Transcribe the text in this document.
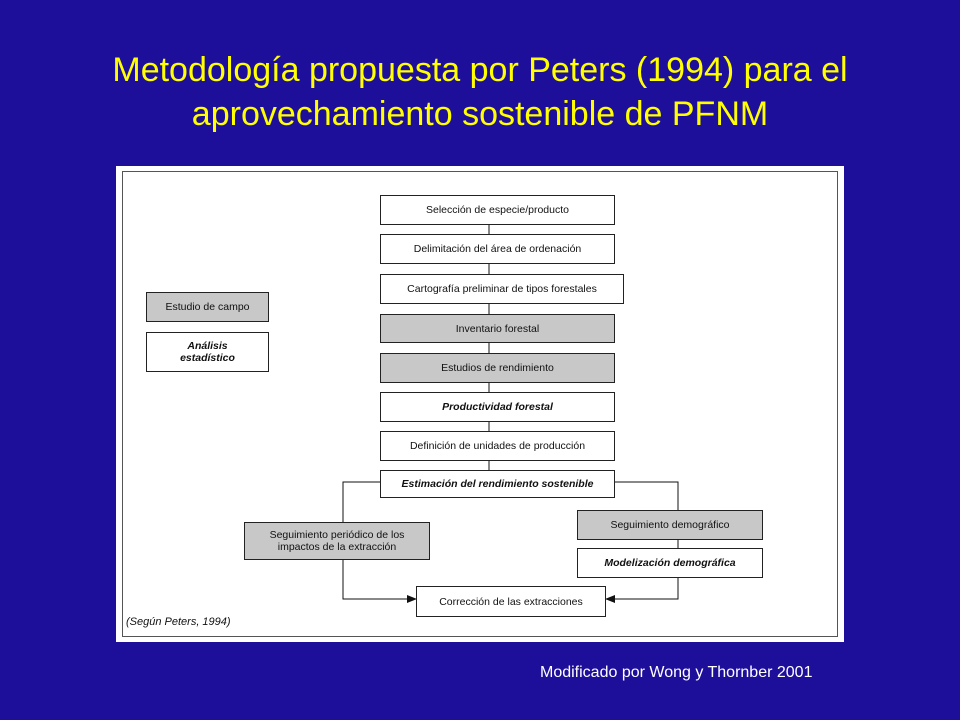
Metodología propuesta por Peters (1994) para el
aprovechamiento sostenible de PFNM
Estudio de campo
Análisis estadístico
Selección de especie/producto
Delimitación del área de ordenación
Cartografía preliminar de tipos forestales
Inventario forestal
Estudios de rendimiento
Productividad forestal
Definición de unidades de producción
Estimación del rendimiento sostenible
Seguimiento periódico de los impactos de la extracción
Seguimiento demográfico
Modelización demográfica
Corrección de las extracciones
(Según Peters, 1994)
Modificado por Wong y Thornber 2001
